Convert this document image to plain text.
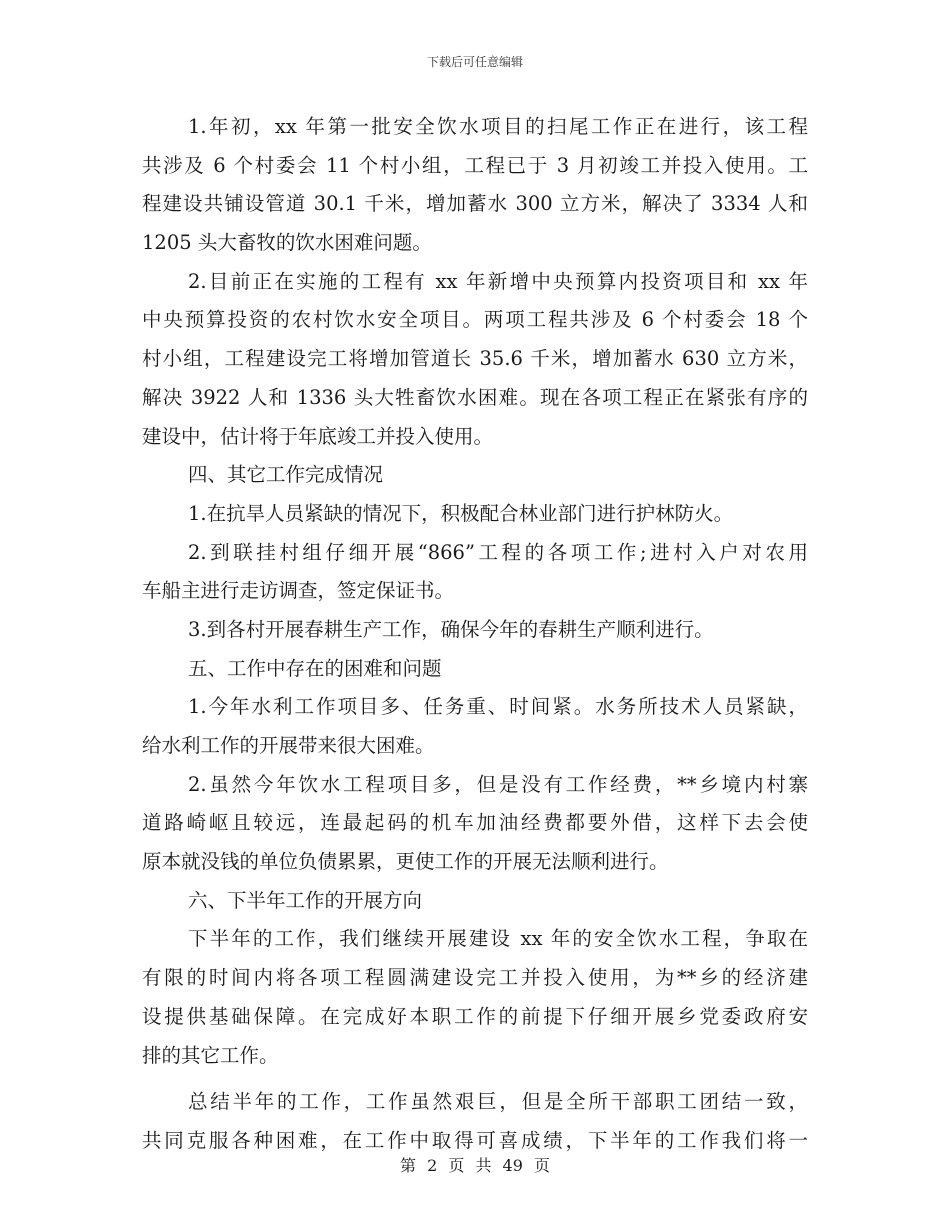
下载后可任意编辑
1.年初，xx 年第一批安全饮水项目的扫尾工作正在进行，该工程
共涉及 6 个村委会 11 个村小组，工程已于 3 月初竣工并投入使用。工
程建设共铺设管道 30.1 千米，增加蓄水 300 立方米，解决了 3334 人和
1205 头大畜牧的饮水困难问题。
2.目前正在实施的工程有 xx 年新增中央预算内投资项目和 xx 年
中央预算投资的农村饮水安全项目。两项工程共涉及 6 个村委会 18 个
村小组，工程建设完工将增加管道长 35.6 千米，增加蓄水 630 立方米，
解决 3922 人和 1336 头大牲畜饮水困难。现在各项工程正在紧张有序的
建设中，估计将于年底竣工并投入使用。
四、其它工作完成情况
1.在抗旱人员紧缺的情况下，积极配合林业部门进行护林防火。
2.到联挂村组仔细开展“866”工程的各项工作;进村入户对农用
车船主进行走访调查，签定保证书。
3.到各村开展春耕生产工作，确保今年的春耕生产顺利进行。
五、工作中存在的困难和问题
1.今年水利工作项目多、任务重、时间紧。水务所技术人员紧缺，
给水利工作的开展带来很大困难。
2.虽然今年饮水工程项目多，但是没有工作经费，**乡境内村寨
道路崎岖且较远，连最起码的机车加油经费都要外借，这样下去会使
原本就没钱的单位负债累累，更使工作的开展无法顺利进行。
六、下半年工作的开展方向
下半年的工作，我们继续开展建设 xx 年的安全饮水工程，争取在
有限的时间内将各项工程圆满建设完工并投入使用，为**乡的经济建
设提供基础保障。在完成好本职工作的前提下仔细开展乡党委政府安
排的其它工作。
总结半年的工作，工作虽然艰巨，但是全所干部职工团结一致，
共同克服各种困难，在工作中取得可喜成绩，下半年的工作我们将一
第 2 页 共 49 页
